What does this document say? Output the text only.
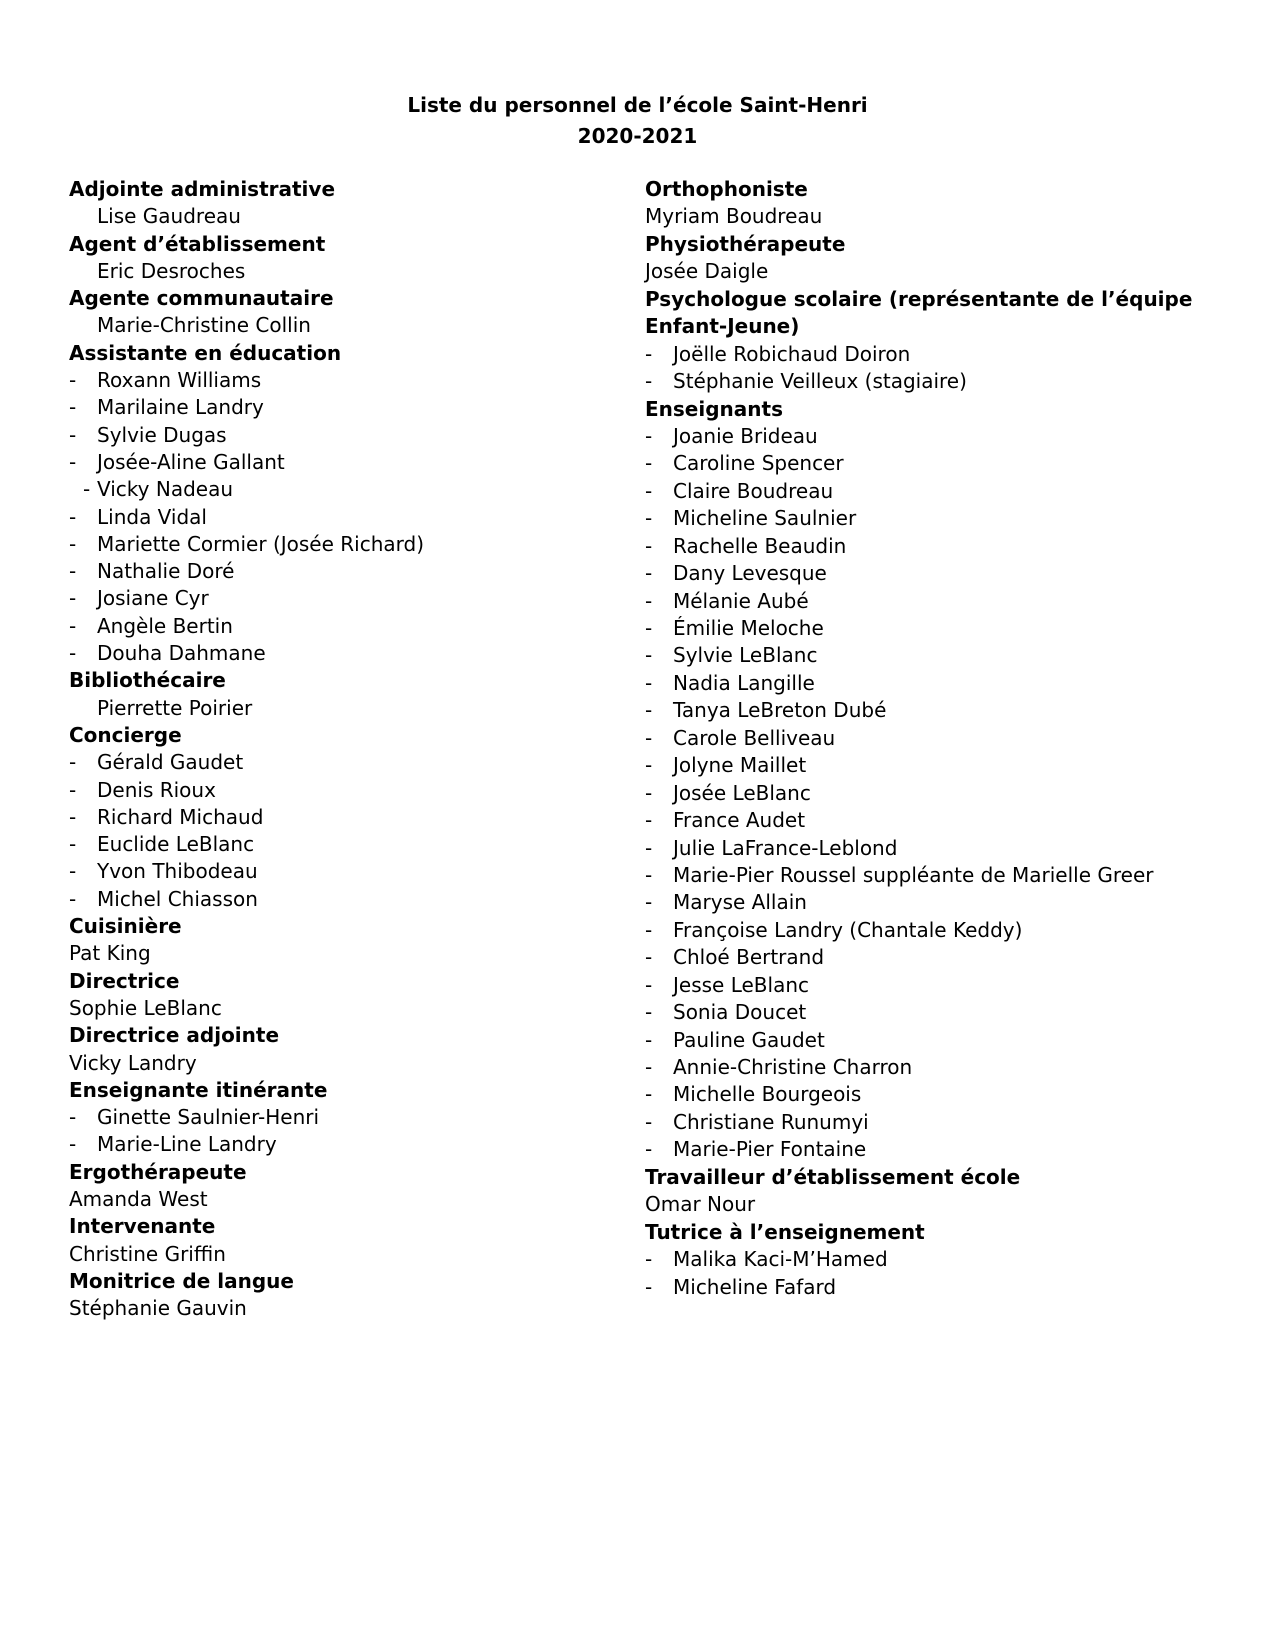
Liste du personnel de l’école Saint-Henri
2020-2021
Adjointe administrative
Lise Gaudreau
Agent d’établissement
Eric Desroches
Agente communautaire
Marie-Christine Collin
Assistante en éducation
- Roxann Williams
- Marilaine Landry
- Sylvie Dugas
- Josée-Aline Gallant
- Vicky Nadeau
- Linda Vidal
- Mariette Cormier (Josée Richard)
- Nathalie Doré
- Josiane Cyr
- Angèle Bertin
- Douha Dahmane
Bibliothécaire
Pierrette Poirier
Concierge
- Gérald Gaudet
- Denis Rioux
- Richard Michaud
- Euclide LeBlanc
- Yvon Thibodeau
- Michel Chiasson
Cuisinière
Pat King
Directrice
Sophie LeBlanc
Directrice adjointe
Vicky Landry
Enseignante itinérante
- Ginette Saulnier-Henri
- Marie-Line Landry
Ergothérapeute
Amanda West
Intervenante
Christine Griffin
Monitrice de langue
Stéphanie Gauvin
Orthophoniste
Myriam Boudreau
Physiothérapeute
Josée Daigle
Psychologue scolaire (représentante de l’équipe
Enfant-Jeune)
- Joëlle Robichaud Doiron
- Stéphanie Veilleux (stagiaire)
Enseignants
- Joanie Brideau
- Caroline Spencer
- Claire Boudreau
- Micheline Saulnier
- Rachelle Beaudin
- Dany Levesque
- Mélanie Aubé
- Émilie Meloche
- Sylvie LeBlanc
- Nadia Langille
- Tanya LeBreton Dubé
- Carole Belliveau
- Jolyne Maillet
- Josée LeBlanc
- France Audet
- Julie LaFrance-Leblond
- Marie-Pier Roussel suppléante de Marielle Greer
- Maryse Allain
- Françoise Landry (Chantale Keddy)
- Chloé Bertrand
- Jesse LeBlanc
- Sonia Doucet
- Pauline Gaudet
- Annie-Christine Charron
- Michelle Bourgeois
- Christiane Runumyi
- Marie-Pier Fontaine
Travailleur d’établissement école
Omar Nour
Tutrice à l’enseignement
- Malika Kaci-M’Hamed
- Micheline Fafard
